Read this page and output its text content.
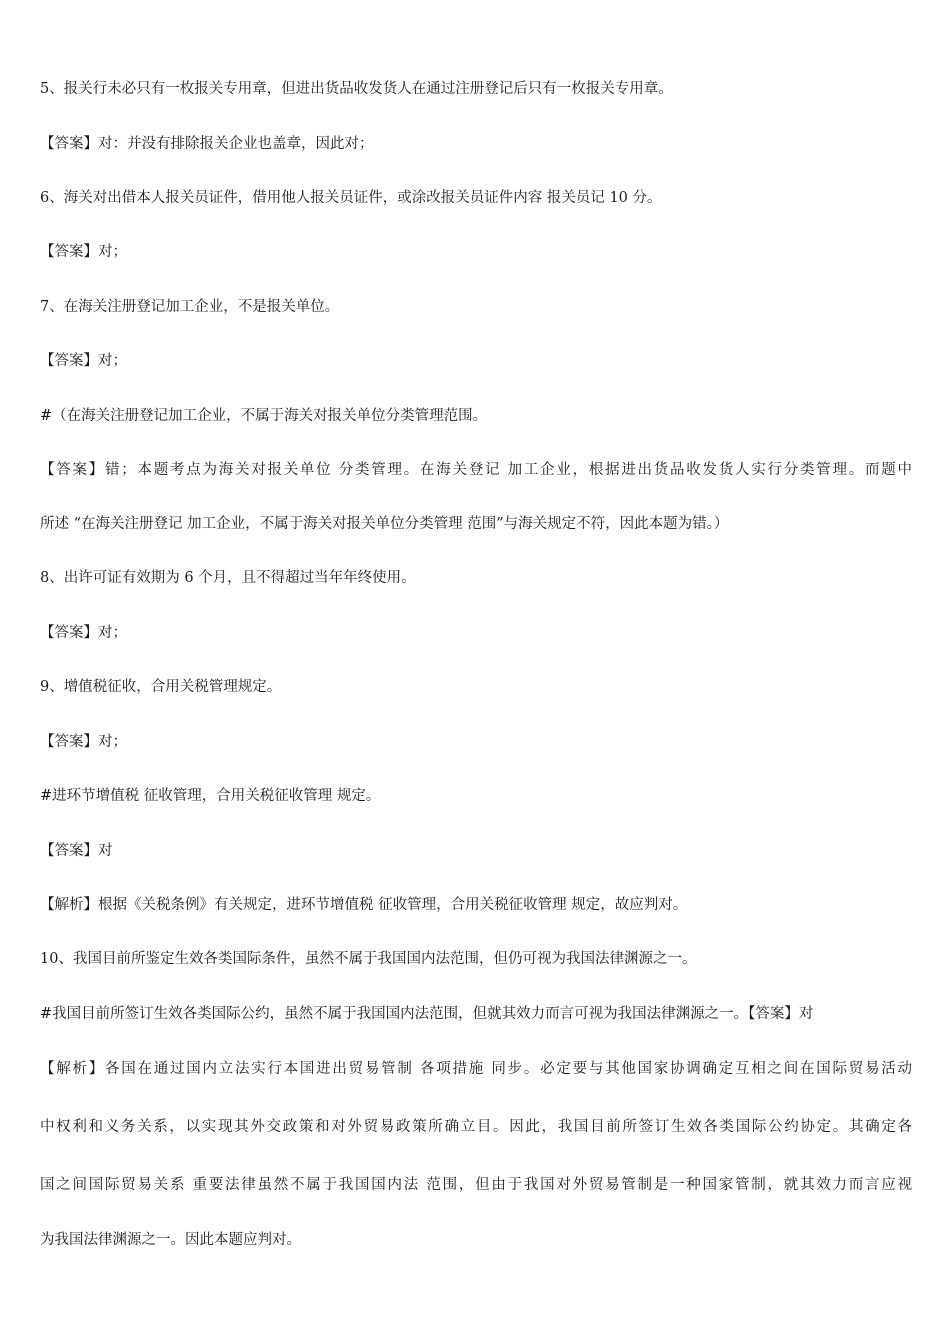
5、报关行未必只有一枚报关专用章，但进出货品收发货人在通过注册登记后只有一枚报关专用章。
【答案】对：并没有排除报关企业也盖章，因此对；
6、海关对出借本人报关员证件，借用他人报关员证件，或涂改报关员证件内容 报关员记 10 分。
【答案】对；
7、在海关注册登记加工企业，不是报关单位。
【答案】对；
#（在海关注册登记加工企业，不属于海关对报关单位分类管理范围。
【答案】错；本题考点为海关对报关单位 分类管理。在海关登记 加工企业，根据进出货品收发货人实行分类管理。而题中
所述 “在海关注册登记 加工企业，不属于海关对报关单位分类管理 范围”与海关规定不符，因此本题为错。）
8、出许可证有效期为 6 个月，且不得超过当年年终使用。
【答案】对；
9、增值税征收，合用关税管理规定。
【答案】对；
#进环节增值税 征收管理，合用关税征收管理 规定。
【答案】对
【解析】根据《关税条例》有关规定，进环节增值税 征收管理，合用关税征收管理 规定，故应判对。
10、我国目前所鉴定生效各类国际条件，虽然不属于我国国内法范围，但仍可视为我国法律渊源之一。
#我国目前所签订生效各类国际公约，虽然不属于我国国内法范围，但就其效力而言可视为我国法律渊源之一。【答案】对
【解析】各国在通过国内立法实行本国进出贸易管制 各项措施 同步。必定要与其他国家协调确定互相之间在国际贸易活动
中权利和义务关系，以实现其外交政策和对外贸易政策所确立目。因此，我国目前所签订生效各类国际公约协定。其确定各
国之间国际贸易关系 重要法律虽然不属于我国国内法 范围，但由于我国对外贸易管制是一种国家管制，就其效力而言应视
为我国法律渊源之一。因此本题应判对。
